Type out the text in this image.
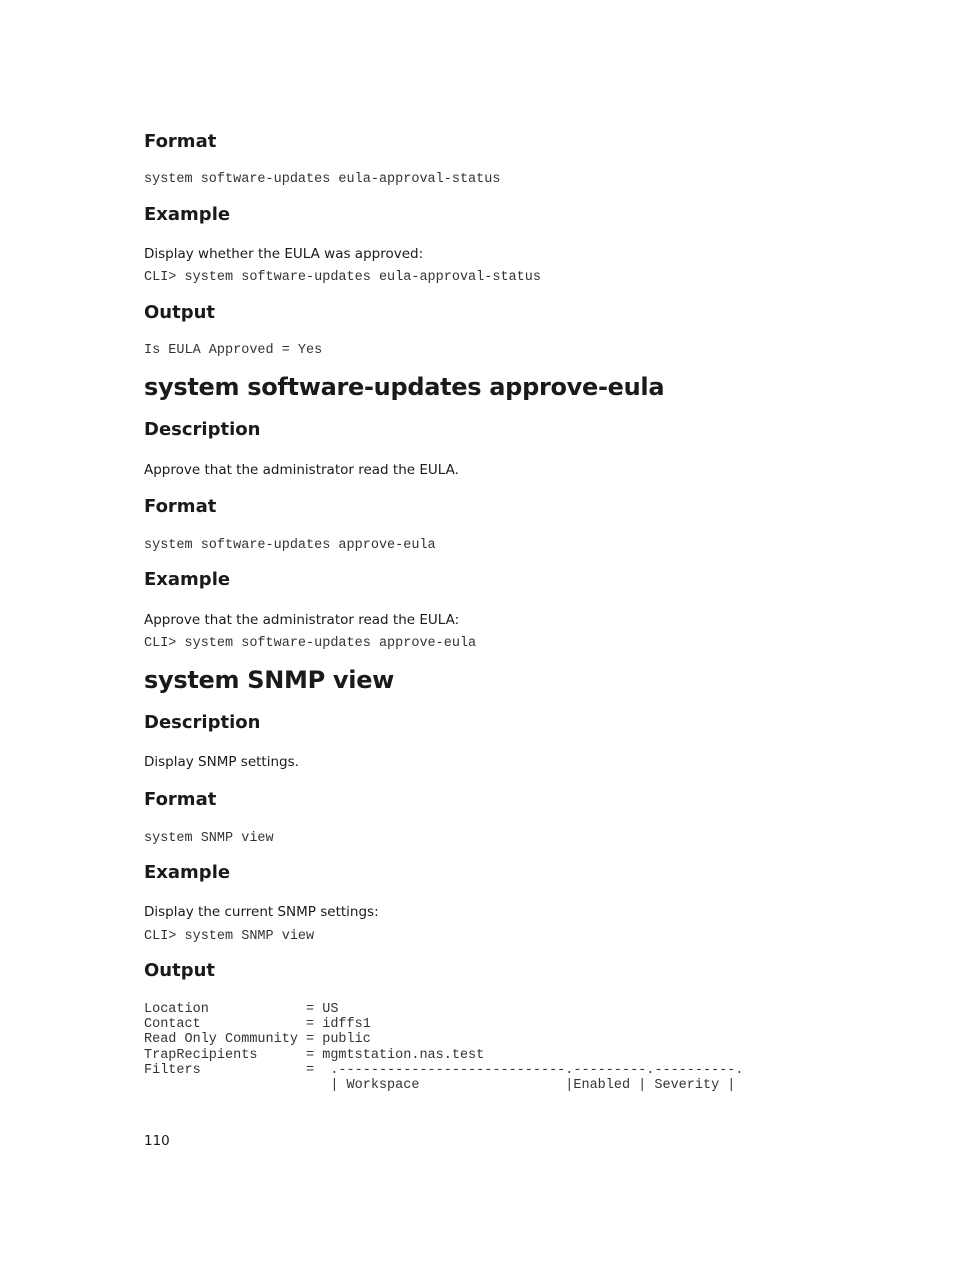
Format
system software-updates eula-approval-status
Example

Display whether the EULA was approved:

CLI> system software-updates eula-approval-status
Output
Is EULA Approved = Yes
system software-updates approve-eula
Description

Approve that the administrator read the EULA.

Format
system software-updates approve-eula
Example

Approve that the administrator read the EULA:

CLI> system software-updates approve-eula
system SNMP view
Description

Display SNMP settings.

Format
system SNMP view
Example

Display the current SNMP settings:

CLI> system SNMP view
Output
Location            = US
Contact             = idffs1
Read Only Community = public
TrapRecipients      = mgmtstation.nas.test
Filters             =  .----------------------------.---------.----------.
| Workspace                  |Enabled | Severity |

110
